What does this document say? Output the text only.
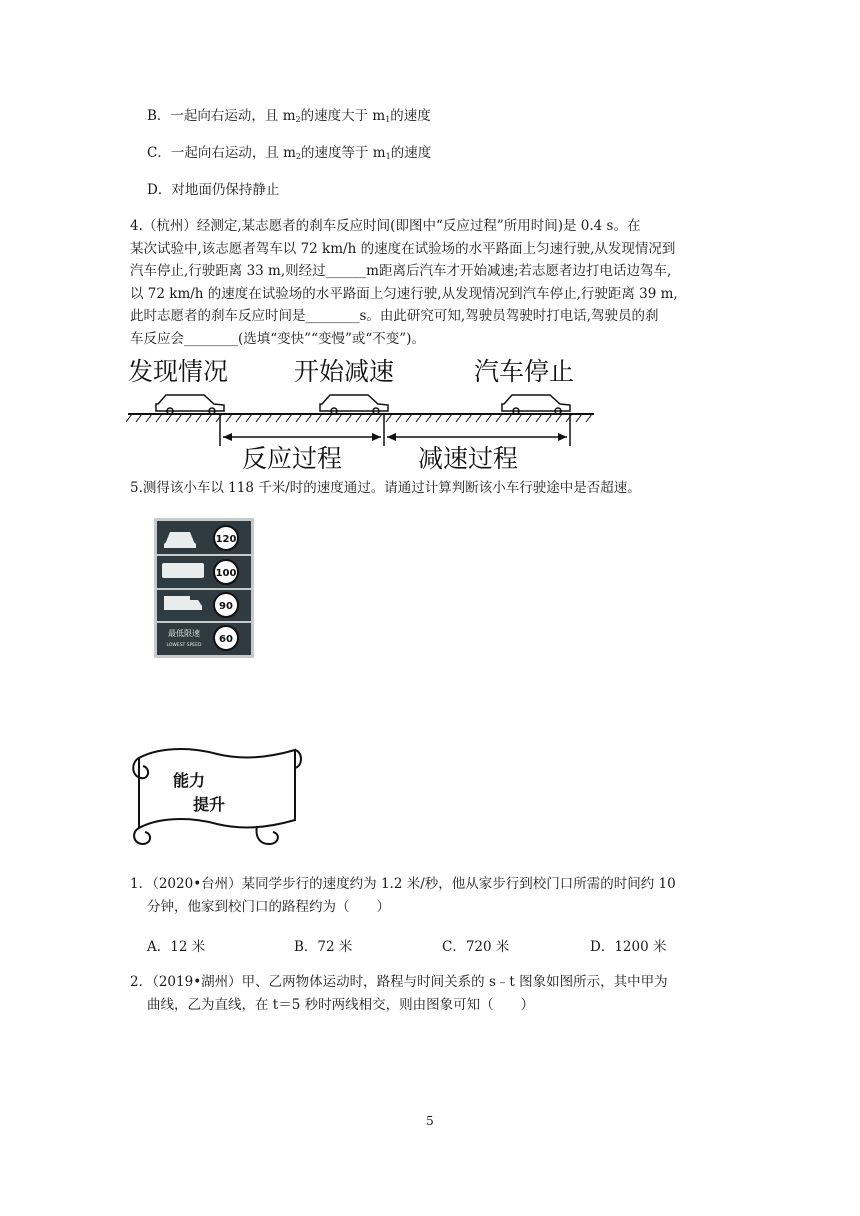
B．一起向右运动，且 $m_2$的速度大于 $m_1$的速度
C．一起向右运动，且 $m_2$的速度等于 $m_1$的速度
D．对地面仍保持静止

4.（杭州）经测定,某志愿者的刹车反应时间(即图中“反应过程”所用时间)是 0.4 s。在

某次试验中,该志愿者驾车以 72 km/h 的速度在试验场的水平路面上匀速行驶,从发现情况到

汽车停止,行驶距离 33 m,则经过______m距离后汽车才开始减速;若志愿者边打电话边驾车,

以 72 km/h 的速度在试验场的水平路面上匀速行驶,从发现情况到汽车停止,行驶距离 39 m,

此时志愿者的刹车反应时间是________s。由此研究可知,驾驶员驾驶时打电话,驾驶员的刹

车反应会________(选填“变快”“变慢”或“不变”)。

发现情况	开始减速	汽车停止
反应过程	减速过程
5.测得该小车以 118 千米/时的速度通过。请通过计算判断该小车行驶途中是否超速。
120
100
90
60
最低限速
LOWEST SPEED
能力
提升
1．（2020•台州）某同学步行的速度约为 1.2 米/秒，他从家步行到校门口所需的时间约 10
分钟，他家到校门口的路程约为（　　）
A．12 米	B．72 米	C．720 米	D．1200 米
2．（2019•湖州）甲、乙两物体运动时，路程与时间关系的 s﹣t 图象如图所示，其中甲为
曲线，乙为直线，在 t＝5 秒时两线相交，则由图象可知（　　）
5
